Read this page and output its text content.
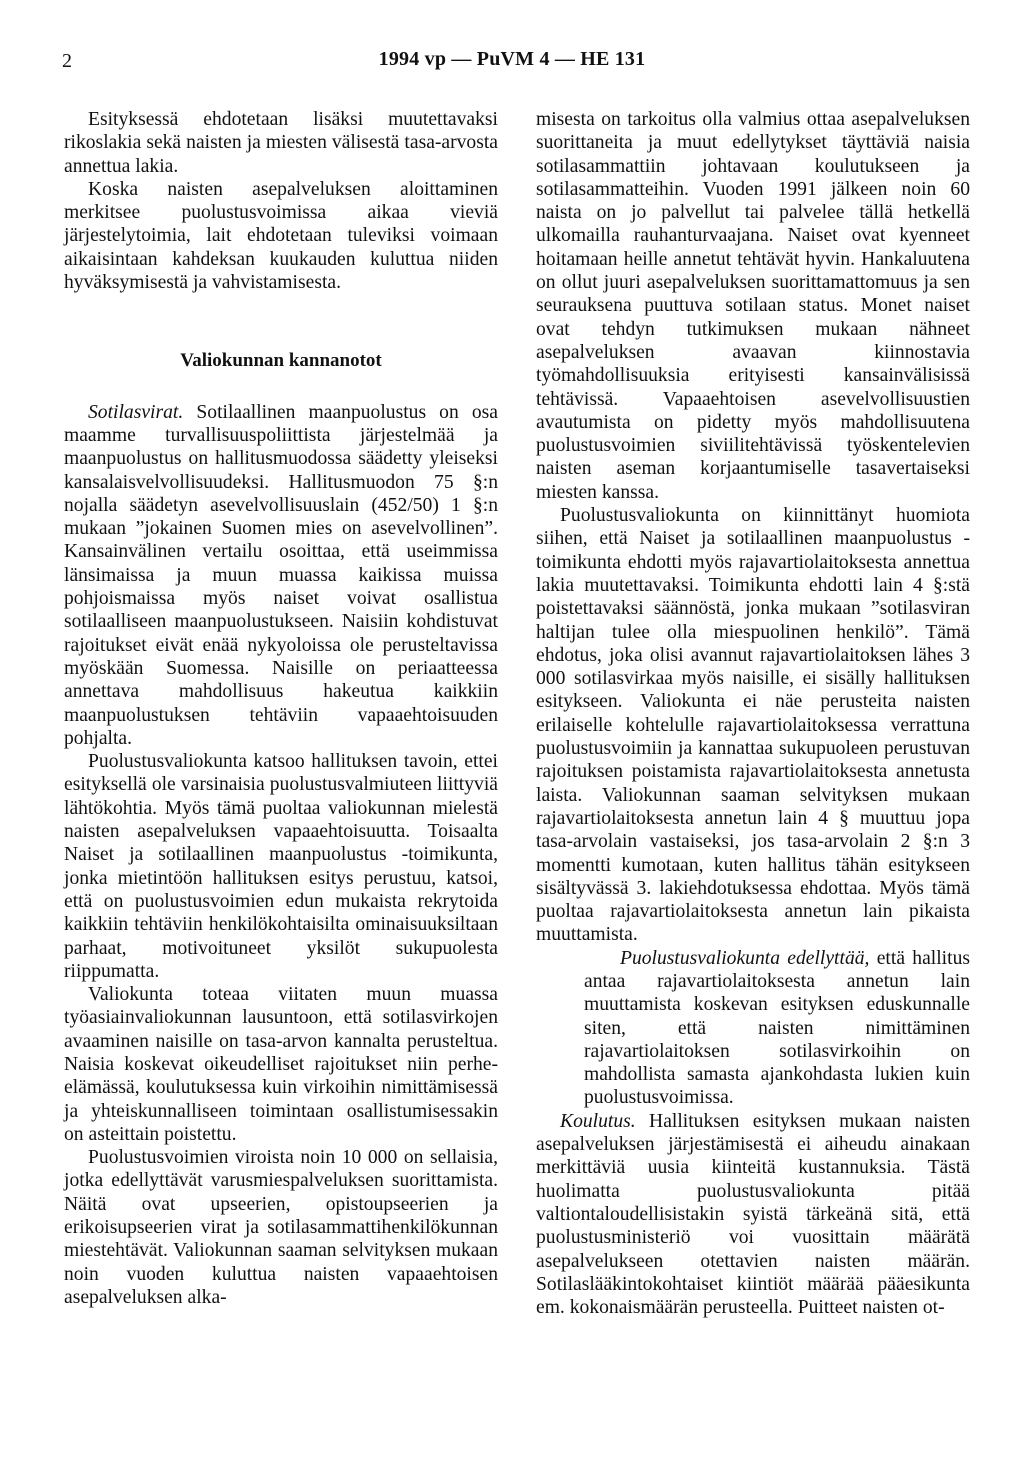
2	1994 vp — PuVM 4 — HE 131

Esityksessä ehdotetaan lisäksi muutettavaksi rikoslakia sekä naisten ja miesten välisestä tasa-arvosta annettua lakia.

Koska naisten asepalveluksen aloittaminen merkitsee puolustusvoimissa aikaa vieviä järjestelytoimia, lait ehdotetaan tuleviksi voimaan aikaisintaan kahdeksan kuukauden kuluttua niiden hyväksymisestä ja vahvistamisesta.

Valiokunnan kannanotot

Sotilasvirat. Sotilaallinen maanpuolustus on osa maamme turvallisuuspoliittista järjestelmää ja maanpuolustus on hallitusmuodossa säädetty yleiseksi kansalaisvelvollisuudeksi. Hallitusmuodon 75 §:n nojalla säädetyn asevelvollisuuslain (452/50) 1 §:n mukaan ”jokainen Suomen mies on asevelvollinen”. Kansainvälinen vertailu osoittaa, että useimmissa länsimaissa ja muun muassa kaikissa muissa pohjoismaissa myös naiset voivat osallistua sotilaalliseen maanpuolustukseen. Naisiin kohdistuvat rajoitukset eivät enää nykyoloissa ole perusteltavissa myöskään Suomessa. Naisille on periaatteessa annettava mahdollisuus hakeutua kaikkiin maanpuolustuksen tehtäviin vapaaehtoisuuden pohjalta.

Puolustusvaliokunta katsoo hallituksen tavoin, ettei esityksellä ole varsinaisia puolustusvalmiuteen liittyviä lähtökohtia. Myös tämä puoltaa valiokunnan mielestä naisten asepalveluksen vapaaehtoisuutta. Toisaalta Naiset ja sotilaallinen maanpuolustus -toimikunta, jonka mietintöön hallituksen esitys perustuu, katsoi, että on puolustusvoimien edun mukaista rekrytoida kaikkiin tehtäviin henkilökohtaisilta ominaisuuksiltaan parhaat, motivoituneet yksilöt sukupuolesta riippumatta.

Valiokunta toteaa viitaten muun muassa työasiainvaliokunnan lausuntoon, että sotilasvirkojen avaaminen naisille on tasa-arvon kannalta perusteltua. Naisia koskevat oikeudelliset rajoitukset niin perhe-elämässä, koulutuksessa kuin virkoihin nimittämisessä ja yhteiskunnalliseen toimintaan osallistumisessakin on asteittain poistettu.

Puolustusvoimien viroista noin 10 000 on sellaisia, jotka edellyttävät varusmiespalveluksen suorittamista. Näitä ovat upseerien, opistoupseerien ja erikoisupseerien virat ja sotilasammattihenkilökunnan miestehtävät. Valiokunnan saaman selvityksen mukaan noin vuoden kuluttua naisten vapaaehtoisen asepalveluksen alka-

misesta on tarkoitus olla valmius ottaa asepalveluksen suorittaneita ja muut edellytykset täyttäviä naisia sotilasammattiin johtavaan koulutukseen ja sotilasammatteihin. Vuoden 1991 jälkeen noin 60 naista on jo palvellut tai palvelee tällä hetkellä ulkomailla rauhanturvaajana. Naiset ovat kyenneet hoitamaan heille annetut tehtävät hyvin. Hankaluutena on ollut juuri asepalveluksen suorittamattomuus ja sen seurauksena puuttuva sotilaan status. Monet naiset ovat tehdyn tutkimuksen mukaan nähneet asepalveluksen avaavan kiinnostavia työmahdollisuuksia erityisesti kansainvälisissä tehtävissä. Vapaaehtoisen asevelvollisuustien avautumista on pidetty myös mahdollisuutena puolustusvoimien siviilitehtävissä työskentelevien naisten aseman korjaantumiselle tasavertaiseksi miesten kanssa.

Puolustusvaliokunta on kiinnittänyt huomiota siihen, että Naiset ja sotilaallinen maanpuolustus -toimikunta ehdotti myös rajavartiolaitoksesta annettua lakia muutettavaksi. Toimikunta ehdotti lain 4 §:stä poistettavaksi säännöstä, jonka mukaan ”sotilasviran haltijan tulee olla miespuolinen henkilö”. Tämä ehdotus, joka olisi avannut rajavartiolaitoksen lähes 3 000 sotilasvirkaa myös naisille, ei sisälly hallituksen esitykseen. Valiokunta ei näe perusteita naisten erilaiselle kohtelulle rajavartiolaitoksessa verrattuna puolustusvoimiin ja kannattaa sukupuoleen perustuvan rajoituksen poistamista rajavartiolaitoksesta annetusta laista. Valiokunnan saaman selvityksen mukaan rajavartiolaitoksesta annetun lain 4 § muuttuu jopa tasa-arvolain vastaiseksi, jos tasa-arvolain 2 §:n 3 momentti kumotaan, kuten hallitus tähän esitykseen sisältyvässä 3. lakiehdotuksessa ehdottaa. Myös tämä puoltaa rajavartiolaitoksesta annetun lain pikaista muuttamista.

Puolustusvaliokunta edellyttää, että hallitus antaa rajavartiolaitoksesta annetun lain muuttamista koskevan esityksen eduskunnalle siten, että naisten nimittäminen rajavartiolaitoksen sotilasvirkoihin on mahdollista samasta ajankohdasta lukien kuin puolustusvoimissa.

Koulutus. Hallituksen esityksen mukaan naisten asepalveluksen järjestämisestä ei aiheudu ainakaan merkittäviä uusia kiinteitä kustannuksia. Tästä huolimatta puolustusvaliokunta pitää valtiontaloudellisistakin syistä tärkeänä sitä, että puolustusministeriö voi vuosittain määrätä asepalvelukseen otettavien naisten määrän. Sotilaslääkintokohtaiset kiintiöt määrää pääesikunta em. kokonaismäärän perusteella. Puitteet naisten ot-
